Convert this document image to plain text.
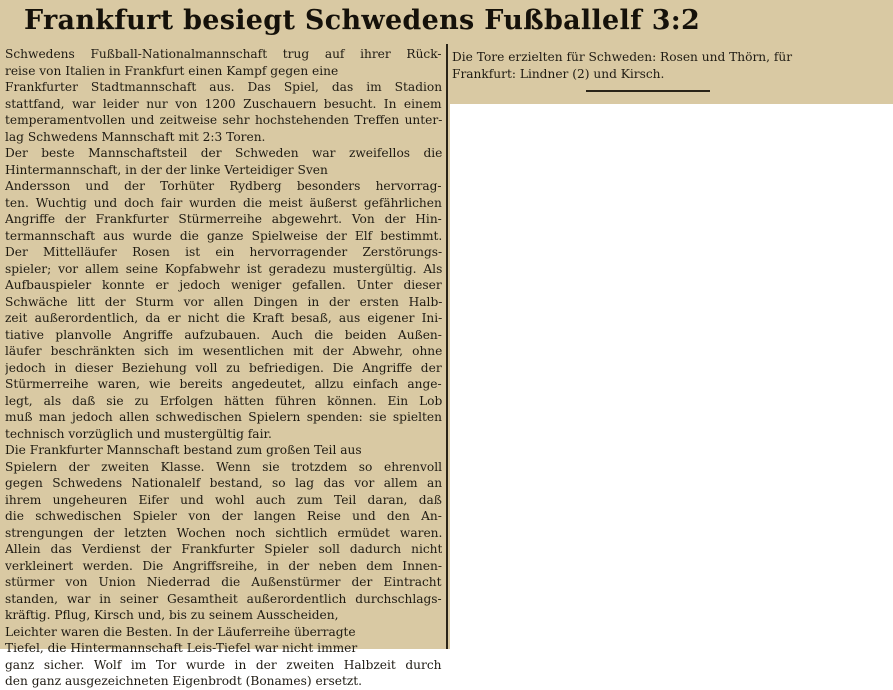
Frankfurt besiegt Schwedens Fußballelf 3:2
Schwedens Fußball-Nationalmannschaft trug auf ihrer Rück-
reise von Italien in Frankfurt einen Kampf gegen eine
Frankfurter Stadtmannschaft aus. Das Spiel, das im Stadion
stattfand, war leider nur von 1200 Zuschauern besucht. In einem
temperamentvollen und zeitweise sehr hochstehenden Treffen unter-
lag Schwedens Mannschaft mit 2:3 Toren.
Der beste Mannschaftsteil der Schweden war zweifellos die
Hintermannschaft, in der der linke Verteidiger Sven
Andersson und der Torhüter Rydberg besonders hervorrag-
ten. Wuchtig und doch fair wurden die meist äußerst gefährlichen
Angriffe der Frankfurter Stürmerreihe abgewehrt. Von der Hin-
termannschaft aus wurde die ganze Spielweise der Elf bestimmt.
Der Mittelläufer Rosen ist ein hervorragender Zerstörungs-
spieler; vor allem seine Kopfabwehr ist geradezu mustergültig. Als
Aufbauspieler konnte er jedoch weniger gefallen. Unter dieser
Schwäche litt der Sturm vor allen Dingen in der ersten Halb-
zeit außerordentlich, da er nicht die Kraft besaß, aus eigener Ini-
tiative planvolle Angriffe aufzubauen. Auch die beiden Außen-
läufer beschränkten sich im wesentlichen mit der Abwehr, ohne
jedoch in dieser Beziehung voll zu befriedigen. Die Angriffe der
Stürmerreihe waren, wie bereits angedeutet, allzu einfach ange-
legt, als daß sie zu Erfolgen hätten führen können. Ein Lob
muß man jedoch allen schwedischen Spielern spenden: sie spielten
technisch vorzüglich und mustergültig fair.
Die Frankfurter Mannschaft bestand zum großen Teil aus
Spielern der zweiten Klasse. Wenn sie trotzdem so ehrenvoll
gegen Schwedens Nationalelf bestand, so lag das vor allem an
ihrem ungeheuren Eifer und wohl auch zum Teil daran, daß
die schwedischen Spieler von der langen Reise und den An-
strengungen der letzten Wochen noch sichtlich ermüdet waren.
Allein das Verdienst der Frankfurter Spieler soll dadurch nicht
verkleinert werden. Die Angriffsreihe, in der neben dem Innen-
stürmer von Union Niederrad die Außenstürmer der Eintracht
standen, war in seiner Gesamtheit außerordentlich durchschlags-
kräftig. Pflug, Kirsch und, bis zu seinem Ausscheiden,
Leichter waren die Besten. In der Läuferreihe überragte
Tiefel, die Hintermannschaft Leis-Tiefel war nicht immer
ganz sicher. Wolf im Tor wurde in der zweiten Halbzeit durch
den ganz ausgezeichneten Eigenbrodt (Bonames) ersetzt.
Die Tore erzielten für Schweden: Rosen und Thörn, für
Frankfurt: Lindner (2) und Kirsch.
